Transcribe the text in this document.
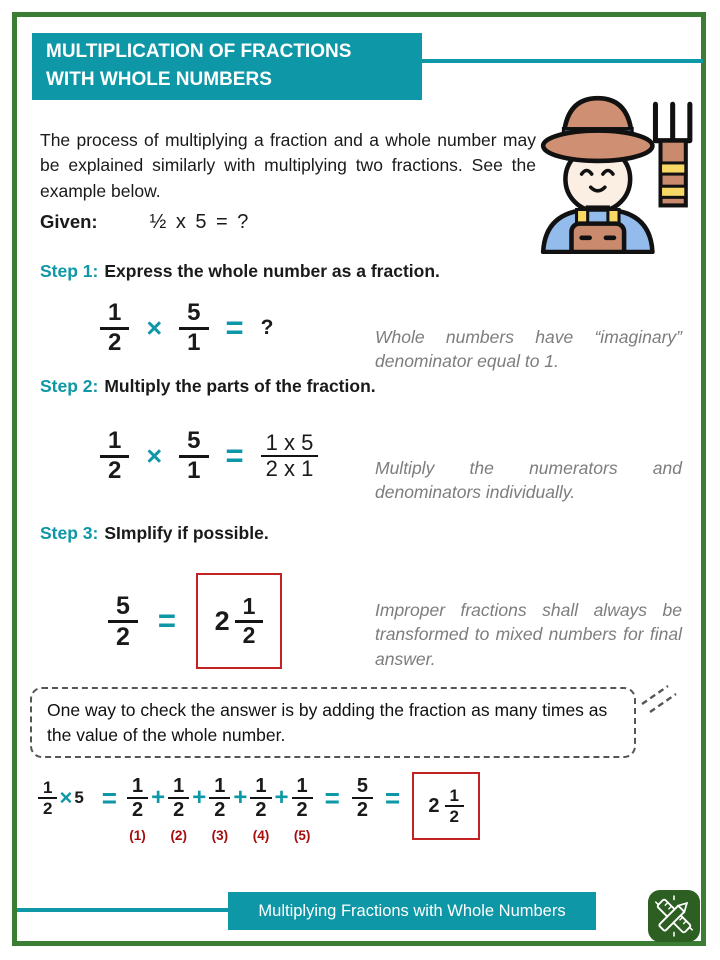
MULTIPLICATION OF FRACTIONS
WITH WHOLE NUMBERS

The process of multiplying a fraction and a whole number may be explained similarly with multiplying two fractions. See the example below.

Given:	½ x 5 = ?
Step 1: Express the whole number as a fraction.
$\frac{1}{2} \times \frac{5}{1}$ = ?	Whole numbers have “imaginary” denominator equal to 1.

Step 2: Multiply the parts of the fraction.
$\frac{1}{2} \times \frac{5}{1} = \frac{1 x 5}{2 x 1}$	Multiply the numerators and denominators individually.

Step 3: SImplify if possible.
$\frac{5}{2} = 2 \frac{1}{2}$	Improper fractions shall always be transformed to mixed numbers for final answer.

One way to check the answer is by adding the fraction as many times as the value of the whole number.
$\frac{1}{2} \times 5 = \frac{1}{2}$
(1)
+ $\frac{1}{2}$
(2)
+ $\frac{1}{2}$
(3)
+ $\frac{1}{2}$
(4)
+ $\frac{1}{2}$
(5)
= $\frac{5}{2} = 2 \frac{1}{2}$
Multiplying Fractions with Whole Numbers
